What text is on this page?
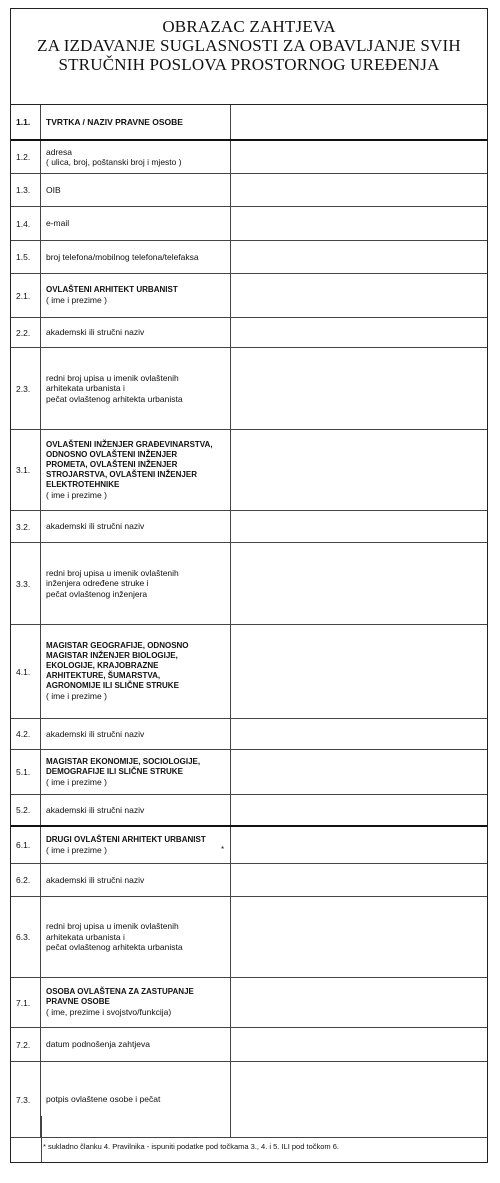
OBRAZAC ZAHTJEVA
ZA IZDAVANJE SUGLASNOSTI ZA OBAVLJANJE SVIH
STRUČNIH POSLOVA PROSTORNOG UREĐENJA
1.1.	TVRTKA / NAZIV PRAVNE OSOBE
1.2.
adresa
( ulica, broj, poštanski broj i mjesto )
1.3.	OIB
1.4.	e-mail
1.5.	broj telefona/mobilnog telefona/telefaksa
2.1.
OVLAŠTENI ARHITEKT URBANIST
( ime i prezime )
2.2.	akademski ili stručni naziv
2.3.
redni broj upisa u imenik ovlaštenih
arhitekata urbanista i
pečat ovlaštenog arhitekta urbanista
3.1.
OVLAŠTENI INŽENJER GRAĐEVINARSTVA,
ODNOSNO OVLAŠTENI INŽENJER
PROMETA, OVLAŠTENI INŽENJER
STROJARSTVA, OVLAŠTENI INŽENJER
ELEKTROTEHNIKE
( ime i prezime )
3.2.	akademski ili stručni naziv
3.3.
redni broj upisa u imenik ovlaštenih
inženjera određene struke i
pečat ovlaštenog inženjera
4.1.
MAGISTAR GEOGRAFIJE, ODNOSNO
MAGISTAR INŽENJER BIOLOGIJE,
EKOLOGIJE, KRAJOBRAZNE
ARHITEKTURE, ŠUMARSTVA,
AGRONOMIJE ILI SLIČNE STRUKE
( ime i prezime )
4.2.	akademski ili stručni naziv
5.1.
MAGISTAR EKONOMIJE, SOCIOLOGIJE,
DEMOGRAFIJE ILI SLIČNE STRUKE
( ime i prezime )
5.2.	akademski ili stručni naziv
6.1.
DRUGI OVLAŠTENI ARHITEKT URBANIST
( ime i prezime )	*
6.2.	akademski ili stručni naziv
6.3.
redni broj upisa u imenik ovlaštenih
arhitekata urbanista i
pečat ovlaštenog arhitekta urbanista
7.1.
OSOBA OVLAŠTENA ZA ZASTUPANJE
PRAVNE OSOBE
( ime, prezime i svojstvo/funkcija)
7.2.	datum podnošenja zahtjeva
7.3.	potpis ovlaštene osobe i pečat
* sukladno članku 4. Pravilnika - ispuniti podatke pod točkama 3., 4. i 5. ILI pod točkom 6.
